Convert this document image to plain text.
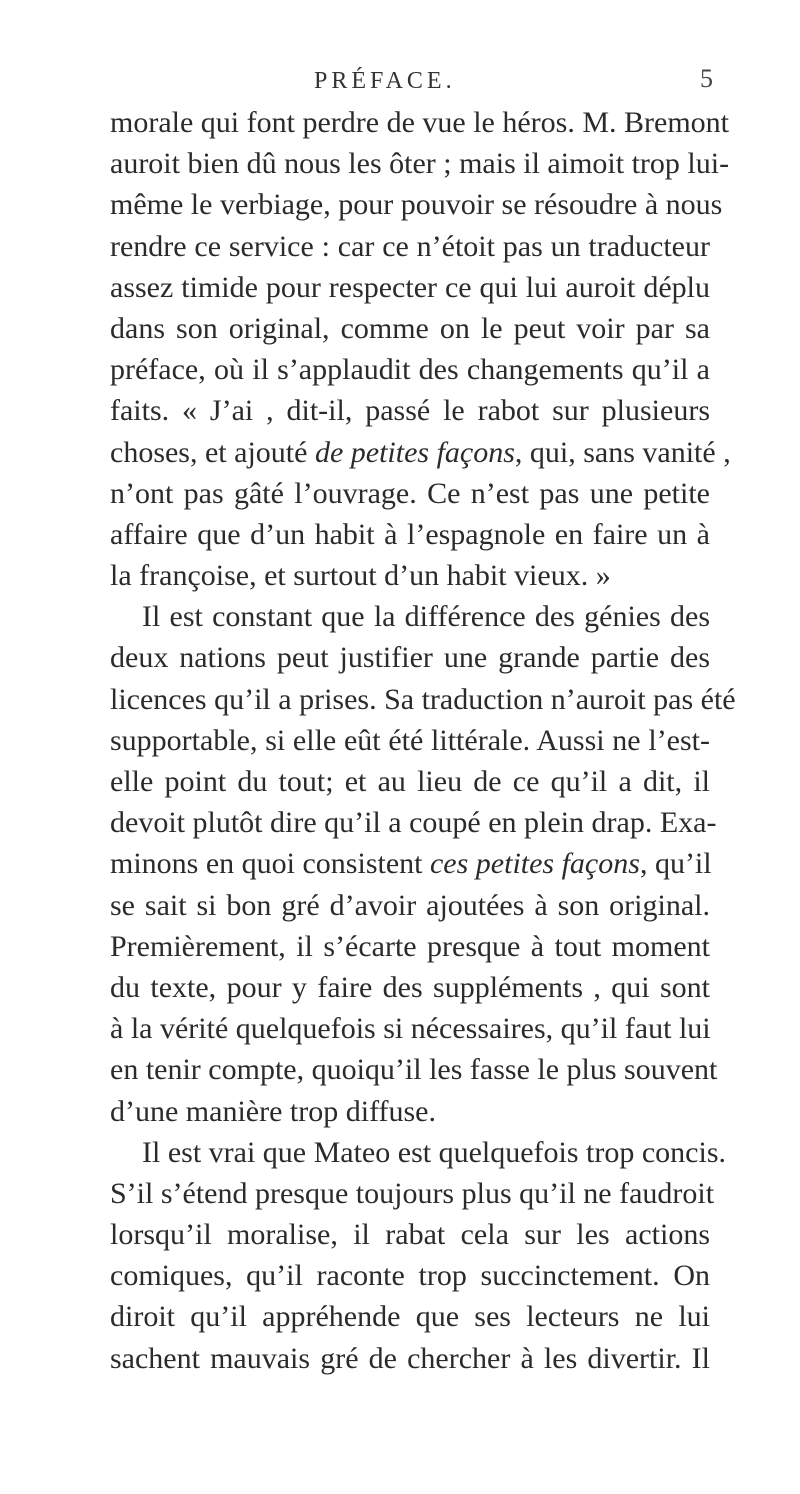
PRÉFACE.	5
morale qui font perdre de vue le héros. M. Bremont
auroit bien dû nous les ôter ; mais il aimoit trop lui-
même le verbiage, pour pouvoir se résoudre à nous
rendre ce service : car ce n’étoit pas un traducteur
assez timide pour respecter ce qui lui auroit déplu
dans son original, comme on le peut voir par sa
préface, où il s’applaudit des changements qu’il a
faits. « J’ai , dit-il, passé le rabot sur plusieurs
choses, et ajouté de petites façons, qui, sans vanité ,
n’ont pas gâté l’ouvrage. Ce n’est pas une petite
affaire que d’un habit à l’espagnole en faire un à
la françoise, et surtout d’un habit vieux. »
Il est constant que la différence des génies des
deux nations peut justifier une grande partie des
licences qu’il a prises. Sa traduction n’auroit pas été
supportable, si elle eût été littérale. Aussi ne l’est-
elle point du tout; et au lieu de ce qu’il a dit, il
devoit plutôt dire qu’il a coupé en plein drap. Exa-
minons en quoi consistent ces petites façons, qu’il
se sait si bon gré d’avoir ajoutées à son original.
Premièrement, il s’écarte presque à tout moment
du texte, pour y faire des suppléments , qui sont
à la vérité quelquefois si nécessaires, qu’il faut lui
en tenir compte, quoiqu’il les fasse le plus souvent
d’une manière trop diffuse.
Il est vrai que Mateo est quelquefois trop concis.
S’il s’étend presque toujours plus qu’il ne faudroit
lorsqu’il moralise, il rabat cela sur les actions
comiques, qu’il raconte trop succinctement. On
diroit qu’il appréhende que ses lecteurs ne lui
sachent mauvais gré de chercher à les divertir. Il
